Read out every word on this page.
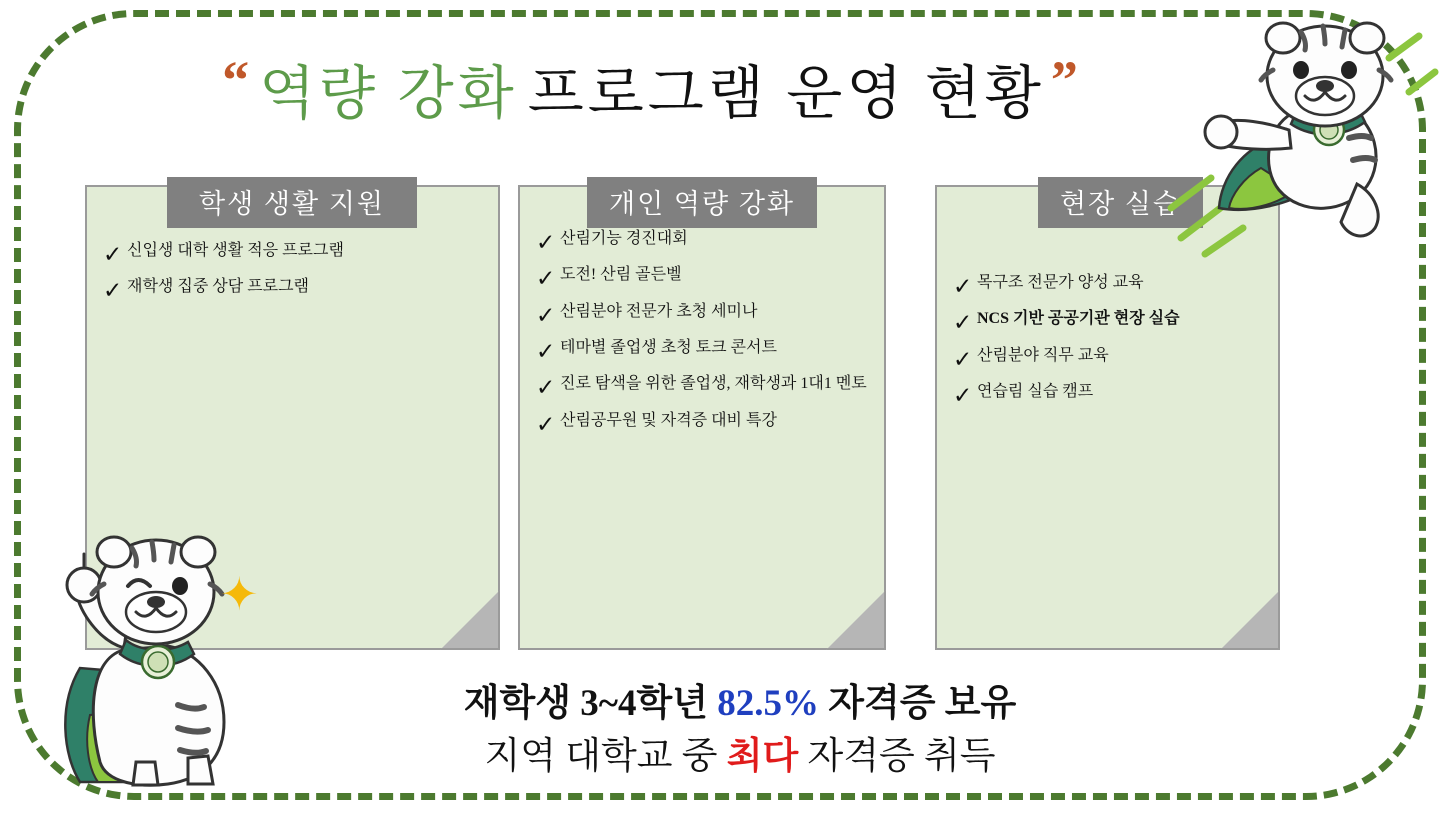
“ 역량 강화 프로그램 운영 현황 ”
학생 생활 지원
✓ 신입생 대학 생활 적응 프로그램
✓ 재학생 집중 상담 프로그램
개인 역량 강화
✓ 산림기능 경진대회
✓ 도전! 산림 골든벨
✓ 산림분야 전문가 초청 세미나
✓ 테마별 졸업생 초청 토크 콘서트
✓ 진로 탐색을 위한 졸업생, 재학생과 1대1 멘토
✓ 산림공무원 및 자격증 대비 특강
현장 실습
✓ 목구조 전문가 양성 교육
✓ NCS 기반 공공기관 현장 실습
✓ 산림분야 직무 교육
✓ 연습림 실습 캠프
재학생 3~4학년 82.5% 자격증 보유
지역 대학교 중 최다 자격증 취득
✦
